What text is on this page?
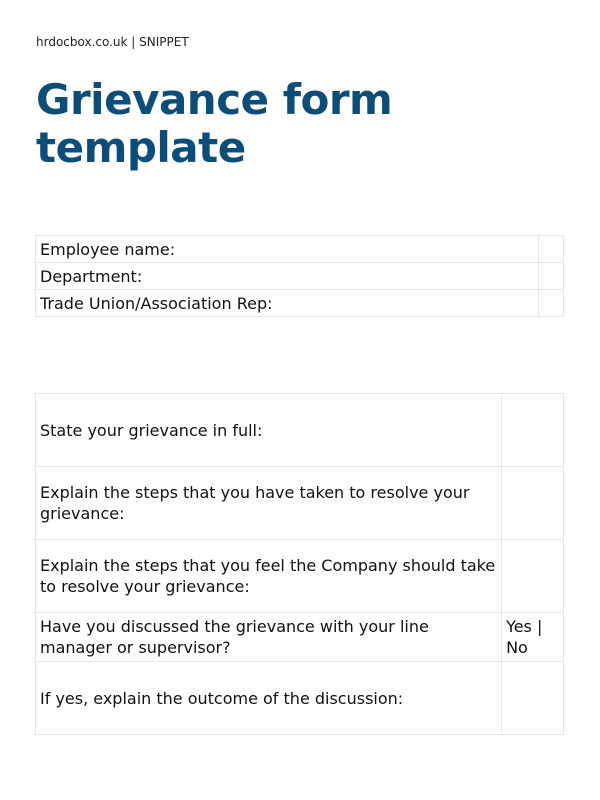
hrdocbox.co.uk | SNIPPET
Grievance form
template
Employee name:	
Department:	
Trade Union/Association Rep:	
State your grievance in full:	
Explain the steps that you have taken to resolve your grievance:	
Explain the steps that you feel the Company should take to resolve your grievance:	
Have you discussed the grievance with your line manager or supervisor?	Yes | No
If yes, explain the outcome of the discussion:	
